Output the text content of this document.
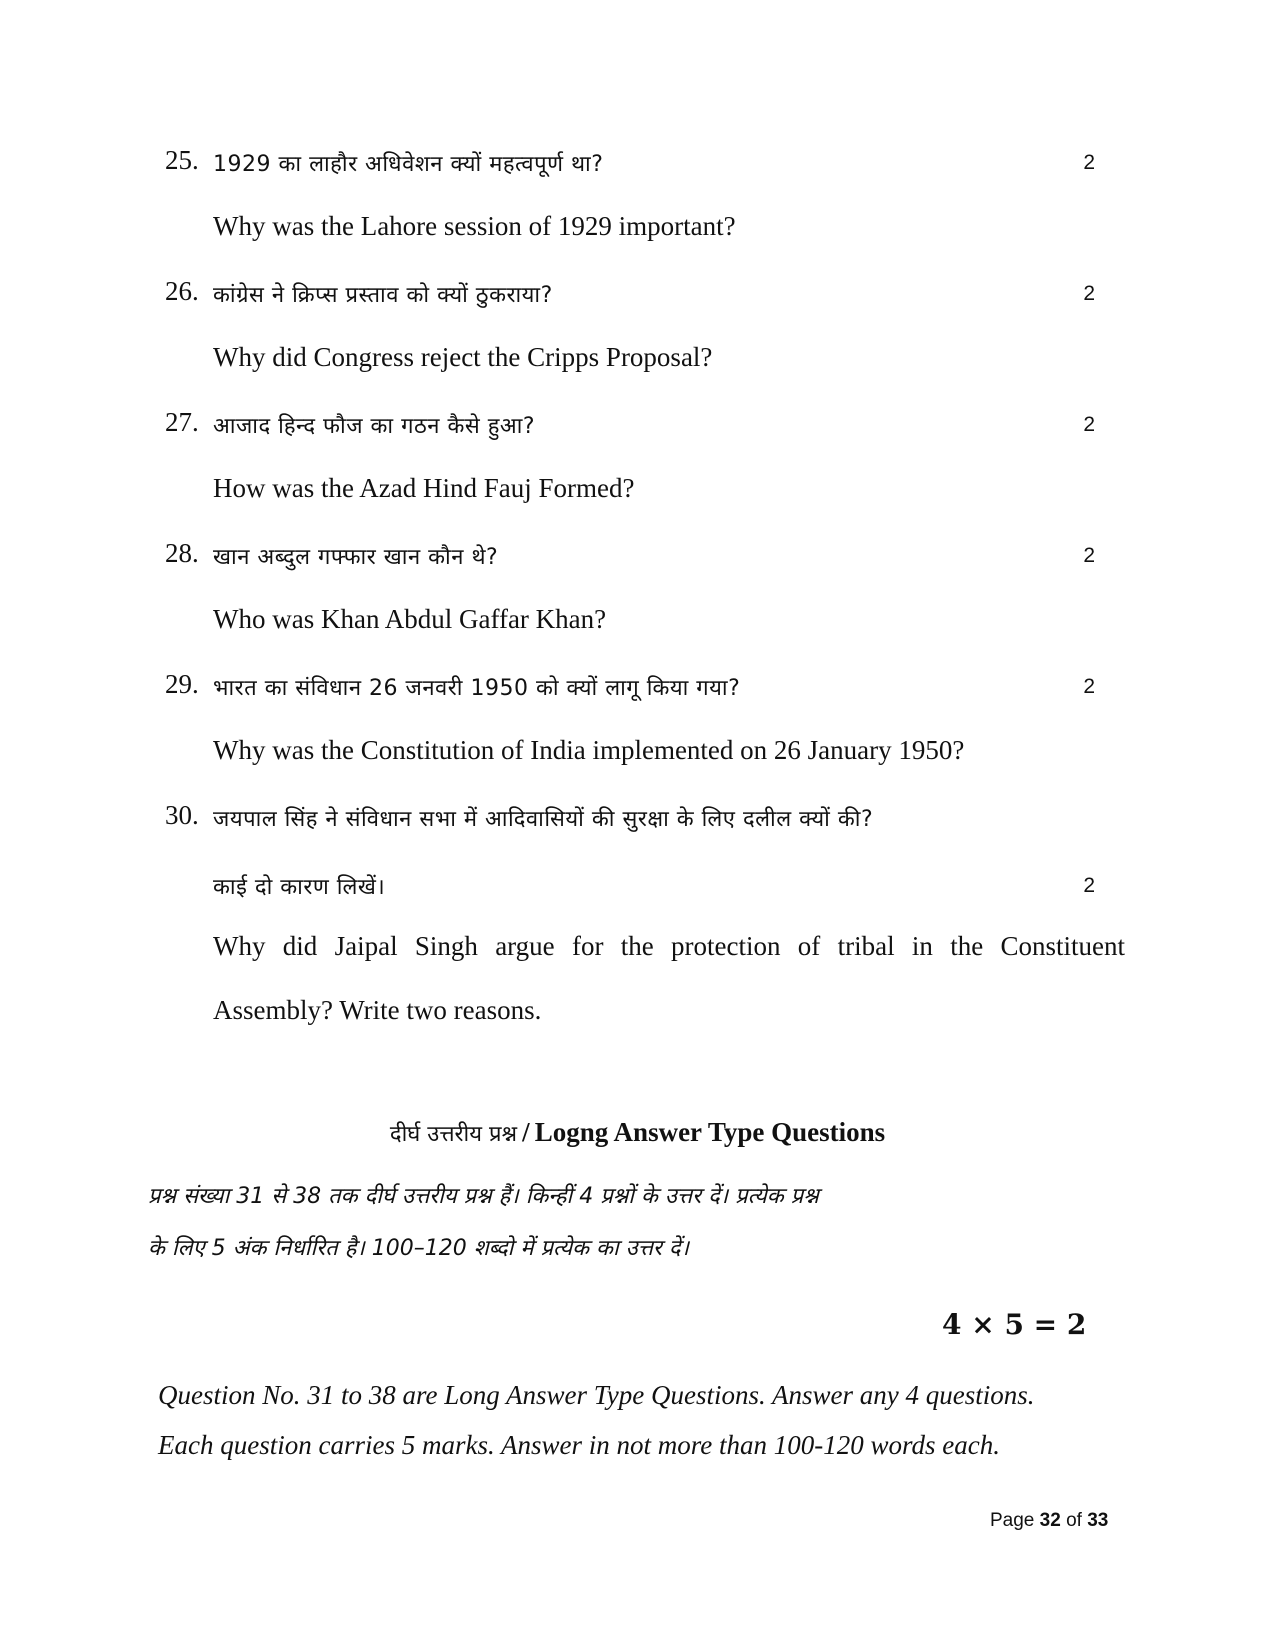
25. 1929 का लाहौर अधिवेशन क्यों महत्वपूर्ण था?	2
Why was the Lahore session of 1929 important?
26. कांग्रेस ने क्रिप्स प्रस्ताव को क्यों ठुकराया?	2
Why did Congress reject the Cripps Proposal?
27. आजाद हिन्द फौज का गठन कैसे हुआ?	2
How was the Azad Hind Fauj Formed?
28. खान अब्दुल गफ्फार खान कौन थे?	2
Who was Khan Abdul Gaffar Khan?
29. भारत का संविधान 26 जनवरी 1950 को क्यों लागू किया गया?	2
Why was the Constitution of India implemented on 26 January 1950?
30. जयपाल सिंह ने संविधान सभा में आदिवासियों की सुरक्षा के लिए दलील क्यों की?
काई दो कारण लिखें।	2
Why did Jaipal Singh argue for the protection of tribal in the Constituent
Assembly? Write two reasons.
दीर्घ उत्तरीय प्रश्न / Logng Answer Type Questions
प्रश्न संख्या 31 से 38 तक दीर्घ उत्तरीय प्रश्न हैं। किन्हीं 4 प्रश्नों के उत्तर दें। प्रत्येक प्रश्न
के लिए 5 अंक निर्धारित है। 100–120 शब्दो में प्रत्येक का उत्तर दें।
4 × 5 = 2
Question No. 31 to 38 are Long Answer Type Questions. Answer any 4 questions.
Each question carries 5 marks. Answer in not more than 100-120 words each.
Page 32 of 33
